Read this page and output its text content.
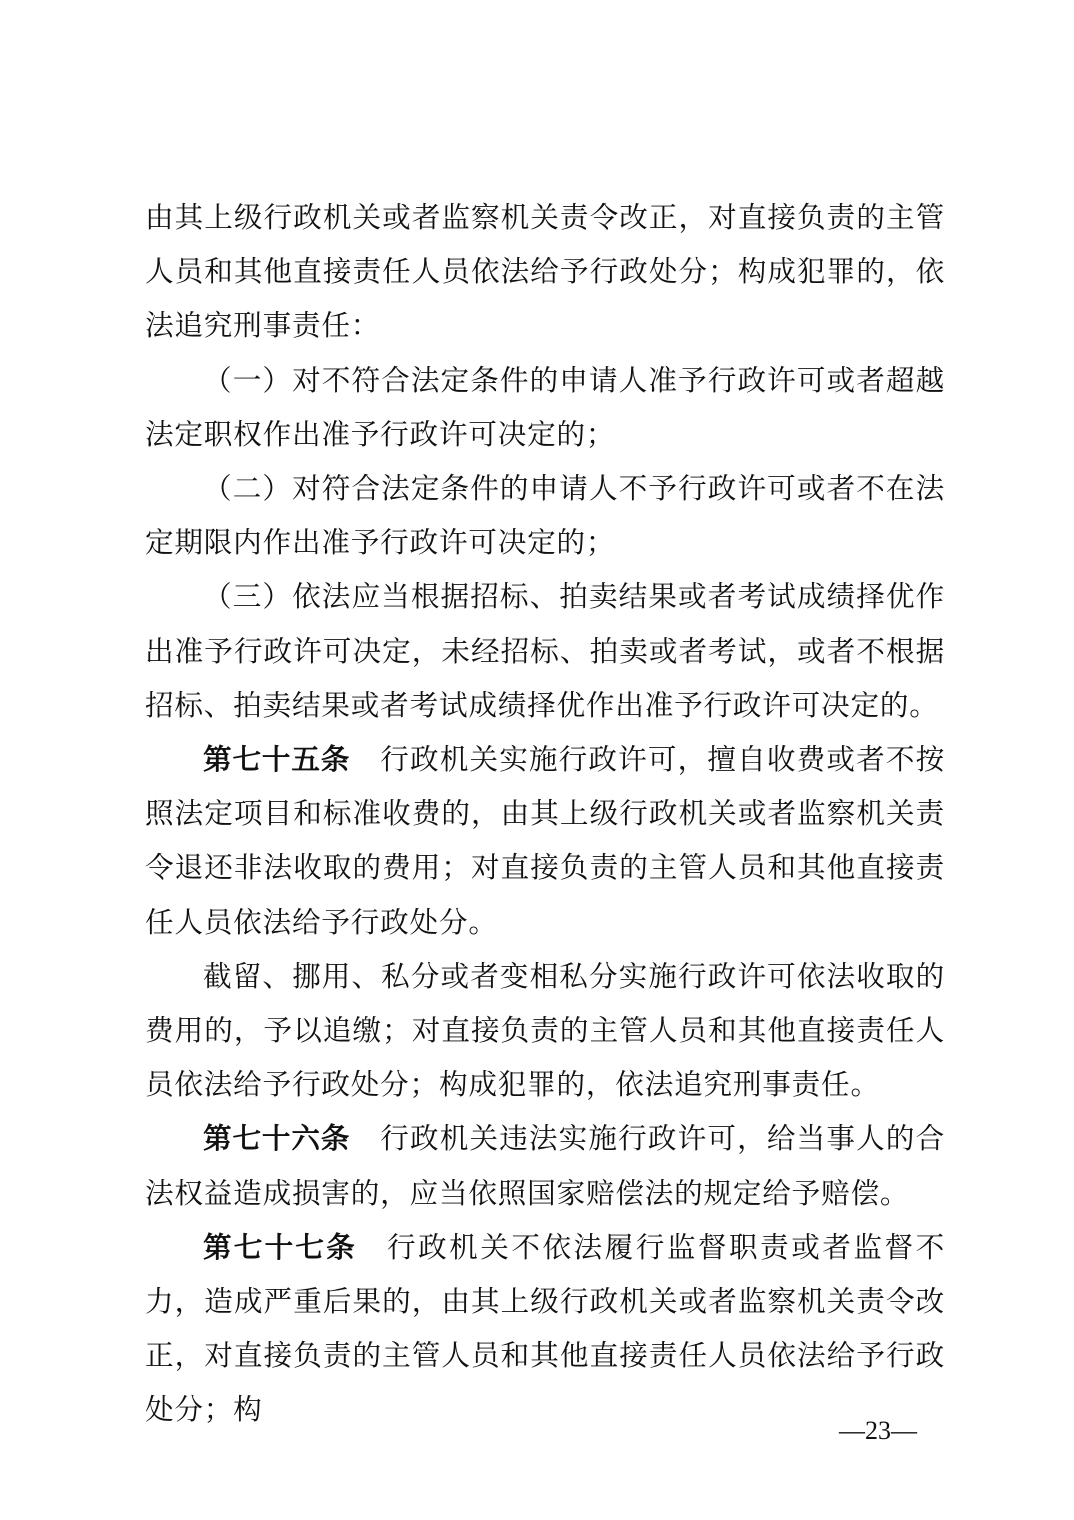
由其上级行政机关或者监察机关责令改正，对直接负责的主管人员和其他直接责任人员依法给予行政处分；构成犯罪的，依法追究刑事责任：

（一）对不符合法定条件的申请人准予行政许可或者超越法定职权作出准予行政许可决定的；

（二）对符合法定条件的申请人不予行政许可或者不在法定期限内作出准予行政许可决定的；

（三）依法应当根据招标、拍卖结果或者考试成绩择优作出准予行政许可决定，未经招标、拍卖或者考试，或者不根据招标、拍卖结果或者考试成绩择优作出准予行政许可决定的。

第七十五条 行政机关实施行政许可，擅自收费或者不按照法定项目和标准收费的，由其上级行政机关或者监察机关责令退还非法收取的费用；对直接负责的主管人员和其他直接责任人员依法给予行政处分。

截留、挪用、私分或者变相私分实施行政许可依法收取的费用的，予以追缴；对直接负责的主管人员和其他直接责任人员依法给予行政处分；构成犯罪的，依法追究刑事责任。

第七十六条 行政机关违法实施行政许可，给当事人的合法权益造成损害的，应当依照国家赔偿法的规定给予赔偿。

第七十七条 行政机关不依法履行监督职责或者监督不力，造成严重后果的，由其上级行政机关或者监察机关责令改正，对直接负责的主管人员和其他直接责任人员依法给予行政处分；构

—23—
